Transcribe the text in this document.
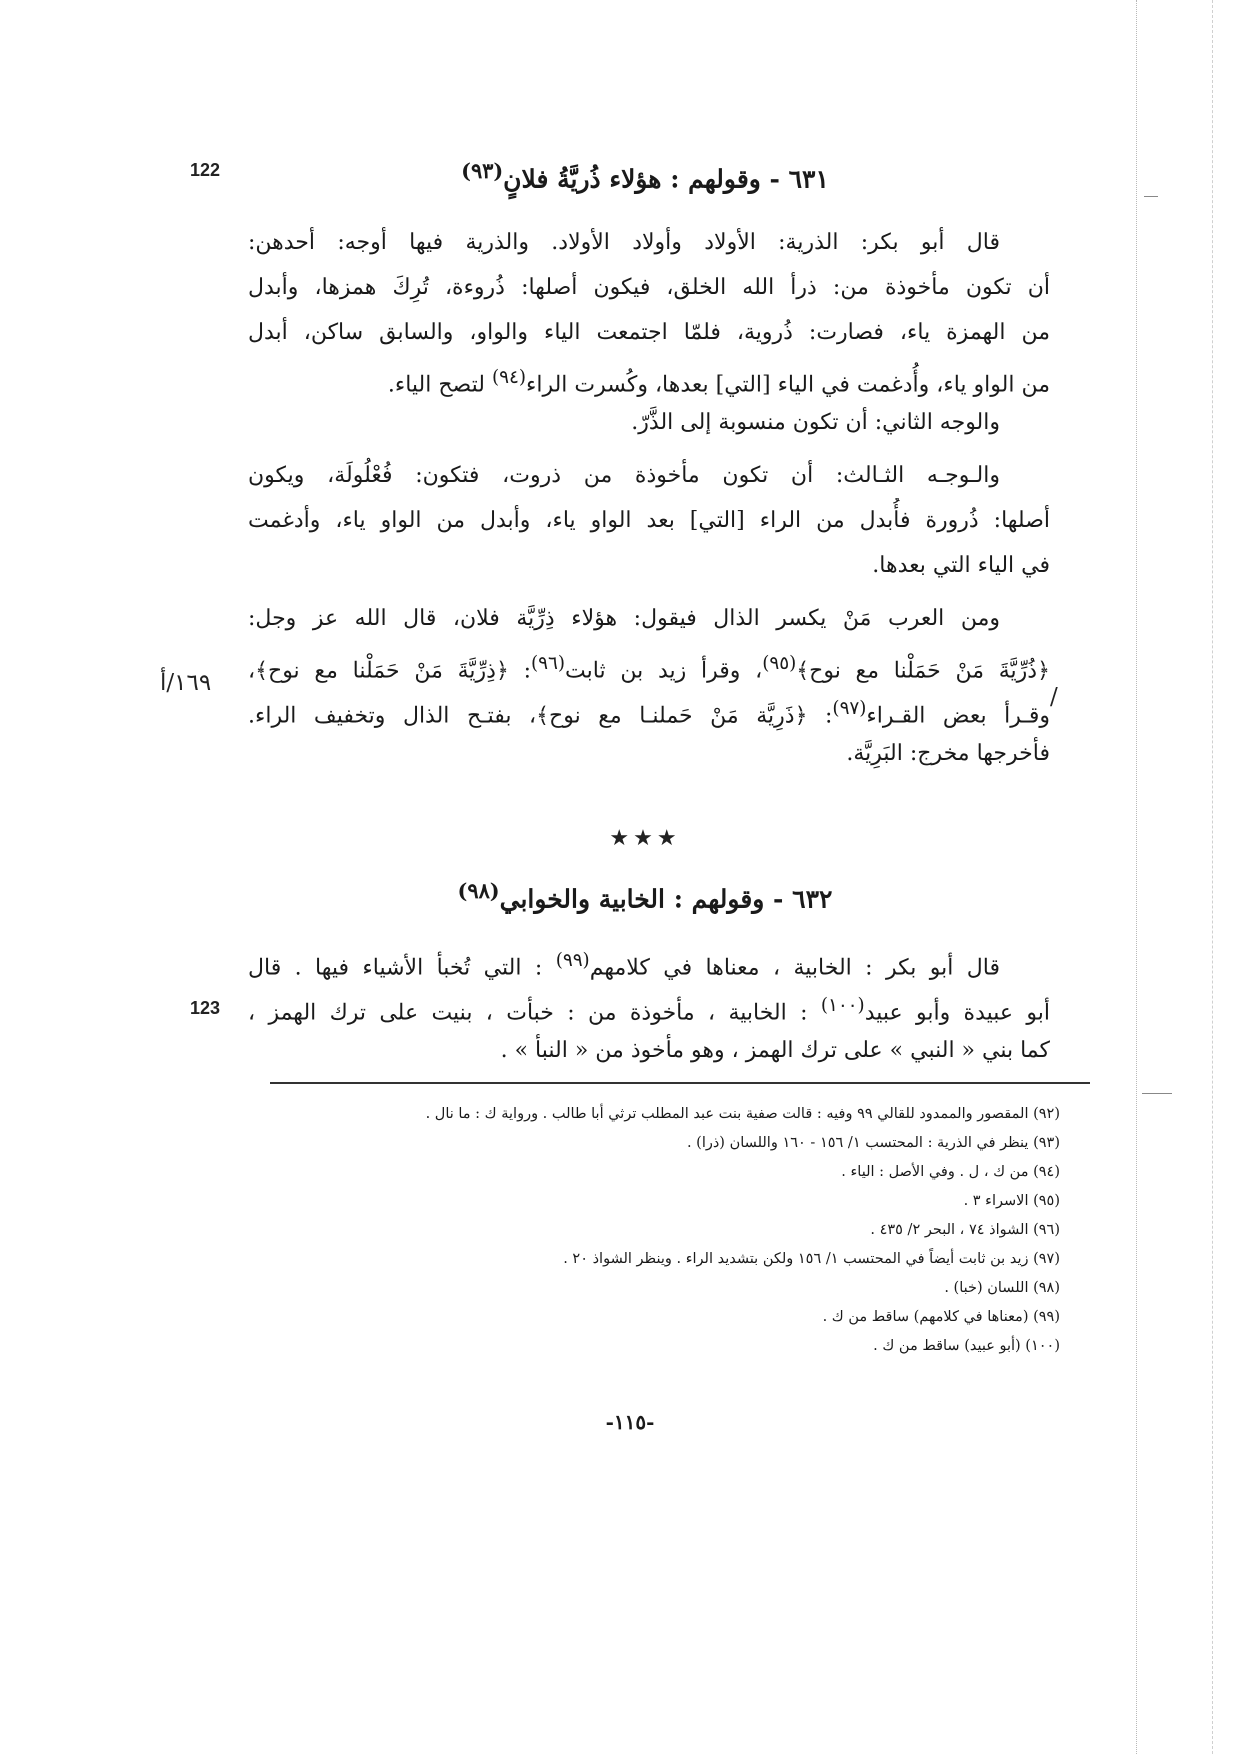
122
123
١٦٩/أ
/
٦٣١ - وقولهم : هؤلاء ذُريَّةُ فلانٍ$^{(٩٣)}$
قال أبو بكر: الذرية: الأولاد وأولاد الأولاد. والذرية فيها أوجه: أحدهن:
أن تكون مأخوذة من: ذرأ الله الخلق، فيكون أصلها: ذُروءة، تُرِكَ همزها، وأبدل
من الهمزة ياء، فصارت: ذُروية، فلمّا اجتمعت الياء والواو، والسابق ساكن، أبدل
من الواو ياء، وأُدغمت في الياء [التي] بعدها، وكُسرت الراء$^{(٩٤)}$ لتصح الياء.
والوجه الثاني: أن تكون منسوبة إلى الذَّرّ.
والـوجـه الثـالث: أن تكون مأخوذة من ذروت، فتكون: فُعْلُولَة، ويكون
أصلها: ذُرورة فأُبدل من الراء [التي] بعد الواو ياء، وأبدل من الواو ياء، وأدغمت
في الياء التي بعدها.
ومن العرب مَنْ يكسر الذال فيقول: هؤلاء ذِرِّيَّة فلان، قال الله عز وجل:
﴿ذُرِّيَّةَ مَنْ حَمَلْنا مع نوح﴾$^{(٩٥)}$، وقرأ زيد بن ثابت$^{(٩٦)}$: ﴿ذِرِّيَّةَ مَنْ حَمَلْنا مع نوح﴾،
وقـرأ بعض القـراء$^{(٩٧)}$: ﴿ذَرِيَّة مَنْ حَملنـا مع نوح﴾، بفتـح الذال وتخفيف الراء.
فأخرجها مخرج: البَرِيَّة.
★★★
٦٣٢ - وقولهم : الخابية والخوابي$^{(٩٨)}$
قال أبو بكر : الخابية ، معناها في كلامهم$^{(٩٩)}$ : التي تُخبأ الأشياء فيها . قال
أبو عبيدة وأبو عبيد$^{(١٠٠)}$ : الخابية ، مأخوذة من : خبأت ، بنيت على ترك الهمز ،
كما بني « النبي » على ترك الهمز ، وهو مأخوذ من « النبأ » .
(٩٢) المقصور والممدود للقالي ٩٩ وفيه : قالت صفية بنت عبد المطلب ترثي أبا طالب . ورواية ك : ما نال .
(٩٣) ينظر في الذرية : المحتسب ١/ ١٥٦ - ١٦٠ واللسان (ذرا) .
(٩٤) من ك ، ل . وفي الأصل : الياء .
(٩٥) الاسراء ٣ .
(٩٦) الشواذ ٧٤ ، البحر ٢/ ٤٣٥ .
(٩٧) زيد بن ثابت أيضاً في المحتسب ١/ ١٥٦ ولكن بتشديد الراء . وينظر الشواذ ٢٠ .
(٩٨) اللسان (خبا) .
(٩٩) (معناها في كلامهم) ساقط من ك .
(١٠٠) (أبو عبيد) ساقط من ك .
-١١٥-
